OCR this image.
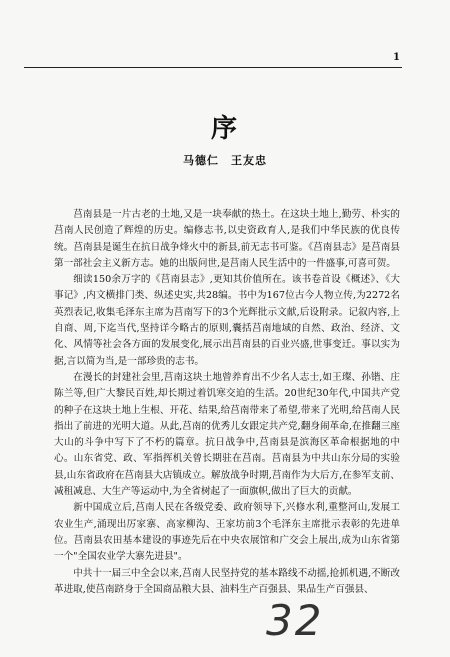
1
序
马德仁　王友忠

莒南县是一片古老的土地,又是一块奉献的热土。在这块土地上,勤劳、朴实的莒南人民创造了辉煌的历史。编修志书,以史资政育人,是我们中华民族的优良传统。莒南县是诞生在抗日战争烽火中的新县,前无志书可鉴。《莒南县志》是莒南县第一部社会主义新方志。她的出版问世,是莒南人民生活中的一件盛事,可喜可贺。

细读150余万字的《莒南县志》,更知其价值所在。该书卷首设《概述》、《大事记》,内文横排门类、纵述史实,共28编。书中为167位古今人物立传,为2272名英烈表记,收集毛泽东主席为莒南写下的3个光辉批示文献,后设附录。记叙内容,上自商、周,下迄当代,坚持详今略古的原则,囊括莒南地域的自然、政治、经济、文化、风情等社会各方面的发展变化,展示出莒南县的百业兴盛,世事变迁。事以实为据,言以简为当,是一部珍贵的志书。

在漫长的封建社会里,莒南这块土地曾养育出不少名人志士,如王璨、孙锴、庄陈兰等,但广大黎民百姓,却长期过着饥寒交迫的生活。20世纪30年代,中国共产党的种子在这块土地上生根、开花、结果,给莒南带来了希望,带来了光明,给莒南人民指出了前进的光明大道。从此,莒南的优秀儿女跟定共产党,翻身闹革命,在推翻三座大山的斗争中写下了不朽的篇章。抗日战争中,莒南县是滨海区革命根据地的中心。山东省党、政、军指挥机关曾长期驻在莒南。莒南县为中共山东分局的实验县,山东省政府在莒南县大店镇成立。解放战争时期,莒南作为大后方,在参军支前、减租减息、大生产等运动中,为全省树起了一面旗帜,做出了巨大的贡献。

新中国成立后,莒南人民在各级党委、政府领导下,兴修水利,重整河山,发展工农业生产,涌现出厉家寨、高家柳沟、王家坊前3个毛泽东主席批示表彰的先进单位。莒南县农田基本建设的事迹先后在中央农展馆和广交会上展出,成为山东省第一个"全国农业学大寨先进县"。

中共十一届三中全会以来,莒南人民坚持党的基本路线不动摇,抢抓机遇,不断改革进取,使莒南跻身于全国商品粮大县、油料生产百强县、果品生产百强县、

32
